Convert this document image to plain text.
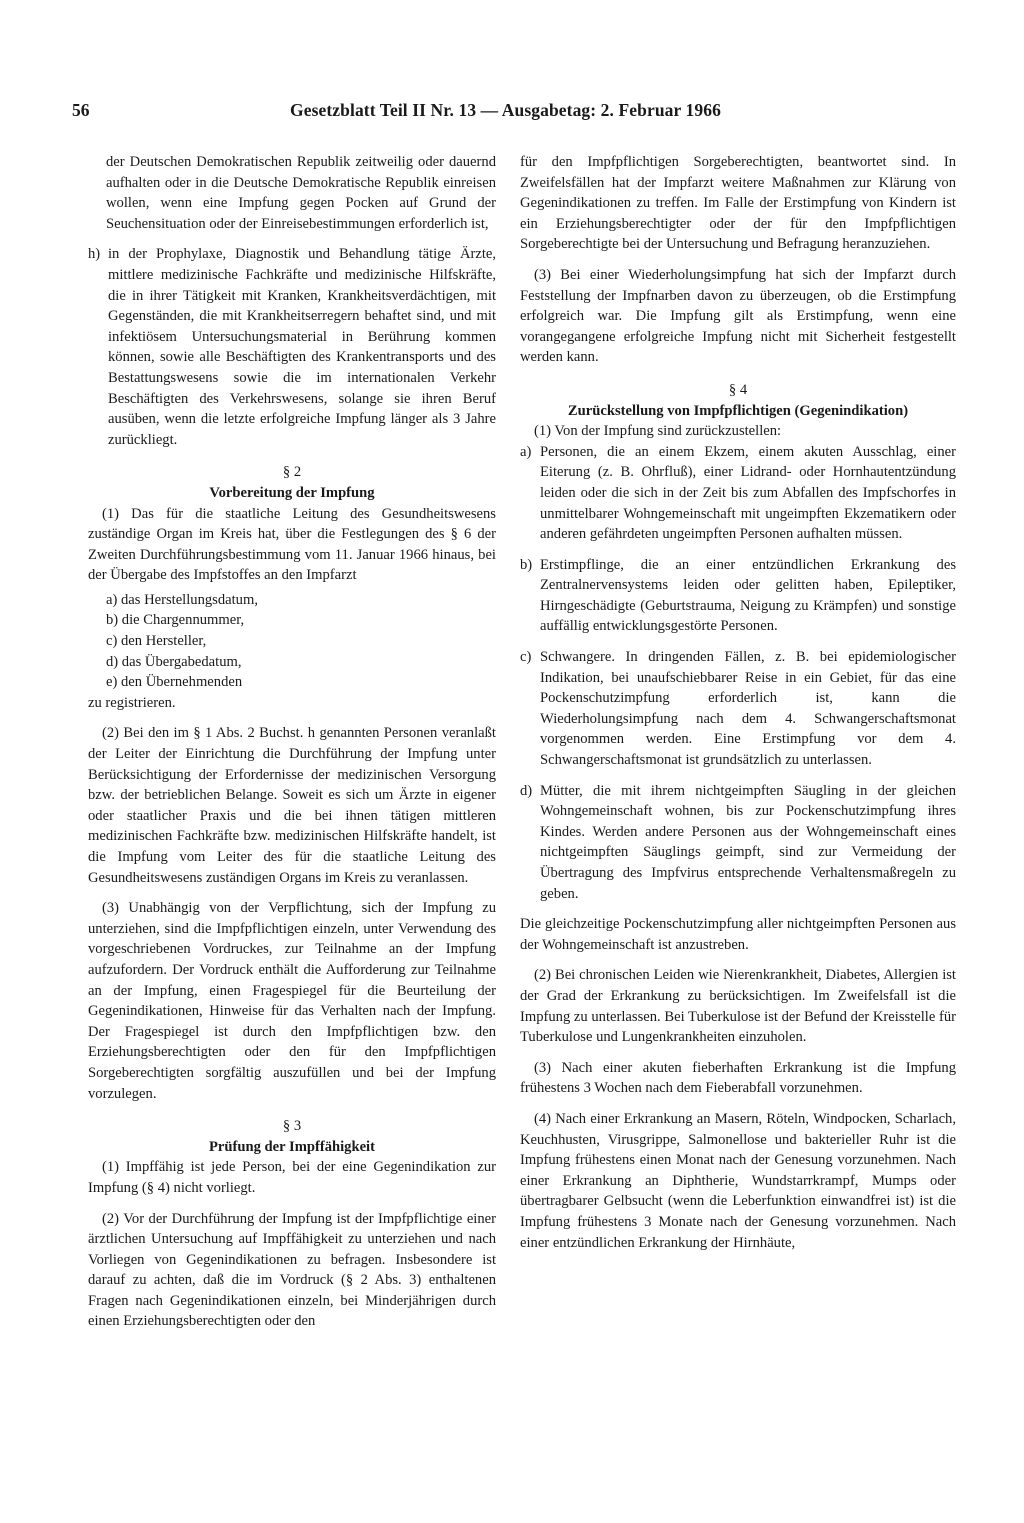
56	Gesetzblatt Teil II Nr. 13 — Ausgabetag: 2. Februar 1966

der Deutschen Demokratischen Republik zeitweilig oder dauernd aufhalten oder in die Deutsche Demokratische Republik einreisen wollen, wenn eine Impfung gegen Pocken auf Grund der Seuchensituation oder der Einreisebestimmungen erforderlich ist,

h) in der Prophylaxe, Diagnostik und Behandlung tätige Ärzte, mittlere medizinische Fachkräfte und medizinische Hilfskräfte, die in ihrer Tätigkeit mit Kranken, Krankheitsverdächtigen, mit Gegenständen, die mit Krankheitserregern behaftet sind, und mit infektiösem Untersuchungsmaterial in Berührung kommen können, sowie alle Beschäftigten des Krankentransports und des Bestattungswesens sowie die im internationalen Verkehr Beschäftigten des Verkehrswesens, solange sie ihren Beruf ausüben, wenn die letzte erfolgreiche Impfung länger als 3 Jahre zurückliegt.

§ 2

Vorbereitung der Impfung

(1) Das für die staatliche Leitung des Gesundheitswesens zuständige Organ im Kreis hat, über die Festlegungen des § 6 der Zweiten Durchführungsbestimmung vom 11. Januar 1966 hinaus, bei der Übergabe des Impfstoffes an den Impfarzt

a) das Herstellungsdatum,

b) die Chargennummer,

c) den Hersteller,

d) das Übergabedatum,

e) den Übernehmenden

zu registrieren.

(2) Bei den im § 1 Abs. 2 Buchst. h genannten Personen veranlaßt der Leiter der Einrichtung die Durchführung der Impfung unter Berücksichtigung der Erfordernisse der medizinischen Versorgung bzw. der betrieblichen Belange. Soweit es sich um Ärzte in eigener oder staatlicher Praxis und die bei ihnen tätigen mittleren medizinischen Fachkräfte bzw. medizinischen Hilfskräfte handelt, ist die Impfung vom Leiter des für die staatliche Leitung des Gesundheitswesens zuständigen Organs im Kreis zu veranlassen.

(3) Unabhängig von der Verpflichtung, sich der Impfung zu unterziehen, sind die Impfpflichtigen einzeln, unter Verwendung des vorgeschriebenen Vordruckes, zur Teilnahme an der Impfung aufzufordern. Der Vordruck enthält die Aufforderung zur Teilnahme an der Impfung, einen Fragespiegel für die Beurteilung der Gegenindikationen, Hinweise für das Verhalten nach der Impfung. Der Fragespiegel ist durch den Impfpflichtigen bzw. den Erziehungsberechtigten oder den für den Impfpflichtigen Sorgeberechtigten sorgfältig auszufüllen und bei der Impfung vorzulegen.

§ 3

Prüfung der Impffähigkeit

(1) Impffähig ist jede Person, bei der eine Gegenindikation zur Impfung (§ 4) nicht vorliegt.

(2) Vor der Durchführung der Impfung ist der Impfpflichtige einer ärztlichen Untersuchung auf Impffähigkeit zu unterziehen und nach Vorliegen von Gegenindikationen zu befragen. Insbesondere ist darauf zu achten, daß die im Vordruck (§ 2 Abs. 3) enthaltenen Fragen nach Gegenindikationen einzeln, bei Minderjährigen durch einen Erziehungsberechtigten oder den

für den Impfpflichtigen Sorgeberechtigten, beantwortet sind. In Zweifelsfällen hat der Impfarzt weitere Maßnahmen zur Klärung von Gegenindikationen zu treffen. Im Falle der Erstimpfung von Kindern ist ein Erziehungsberechtigter oder der für den Impfpflichtigen Sorgeberechtigte bei der Untersuchung und Befragung heranzuziehen.

(3) Bei einer Wiederholungsimpfung hat sich der Impfarzt durch Feststellung der Impfnarben davon zu überzeugen, ob die Erstimpfung erfolgreich war. Die Impfung gilt als Erstimpfung, wenn eine vorangegangene erfolgreiche Impfung nicht mit Sicherheit festgestellt werden kann.

§ 4

Zurückstellung von Impfpflichtigen (Gegenindikation)

(1) Von der Impfung sind zurückzustellen:

a) Personen, die an einem Ekzem, einem akuten Ausschlag, einer Eiterung (z. B. Ohrfluß), einer Lidrand- oder Hornhautentzündung leiden oder die sich in der Zeit bis zum Abfallen des Impfschorfes in unmittelbarer Wohngemeinschaft mit ungeimpften Ekzematikern oder anderen gefährdeten ungeimpften Personen aufhalten müssen.

b) Erstimpflinge, die an einer entzündlichen Erkrankung des Zentralnervensystems leiden oder gelitten haben, Epileptiker, Hirngeschädigte (Geburtstrauma, Neigung zu Krämpfen) und sonstige auffällig entwicklungsgestörte Personen.

c) Schwangere. In dringenden Fällen, z. B. bei epidemiologischer Indikation, bei unaufschiebbarer Reise in ein Gebiet, für das eine Pockenschutzimpfung erforderlich ist, kann die Wiederholungsimpfung nach dem 4. Schwangerschaftsmonat vorgenommen werden. Eine Erstimpfung vor dem 4. Schwangerschaftsmonat ist grundsätzlich zu unterlassen.

d) Mütter, die mit ihrem nichtgeimpften Säugling in der gleichen Wohngemeinschaft wohnen, bis zur Pockenschutzimpfung ihres Kindes. Werden andere Personen aus der Wohngemeinschaft eines nichtgeimpften Säuglings geimpft, sind zur Vermeidung der Übertragung des Impfvirus entsprechende Verhaltensmaßregeln zu geben.

Die gleichzeitige Pockenschutzimpfung aller nichtgeimpften Personen aus der Wohngemeinschaft ist anzustreben.

(2) Bei chronischen Leiden wie Nierenkrankheit, Diabetes, Allergien ist der Grad der Erkrankung zu berücksichtigen. Im Zweifelsfall ist die Impfung zu unterlassen. Bei Tuberkulose ist der Befund der Kreisstelle für Tuberkulose und Lungenkrankheiten einzuholen.

(3) Nach einer akuten fieberhaften Erkrankung ist die Impfung frühestens 3 Wochen nach dem Fieberabfall vorzunehmen.

(4) Nach einer Erkrankung an Masern, Röteln, Windpocken, Scharlach, Keuchhusten, Virusgrippe, Salmonellose und bakterieller Ruhr ist die Impfung frühestens einen Monat nach der Genesung vorzunehmen. Nach einer Erkrankung an Diphtherie, Wundstarrkrampf, Mumps oder übertragbarer Gelbsucht (wenn die Leberfunktion einwandfrei ist) ist die Impfung frühestens 3 Monate nach der Genesung vorzunehmen. Nach einer entzündlichen Erkrankung der Hirnhäute,
